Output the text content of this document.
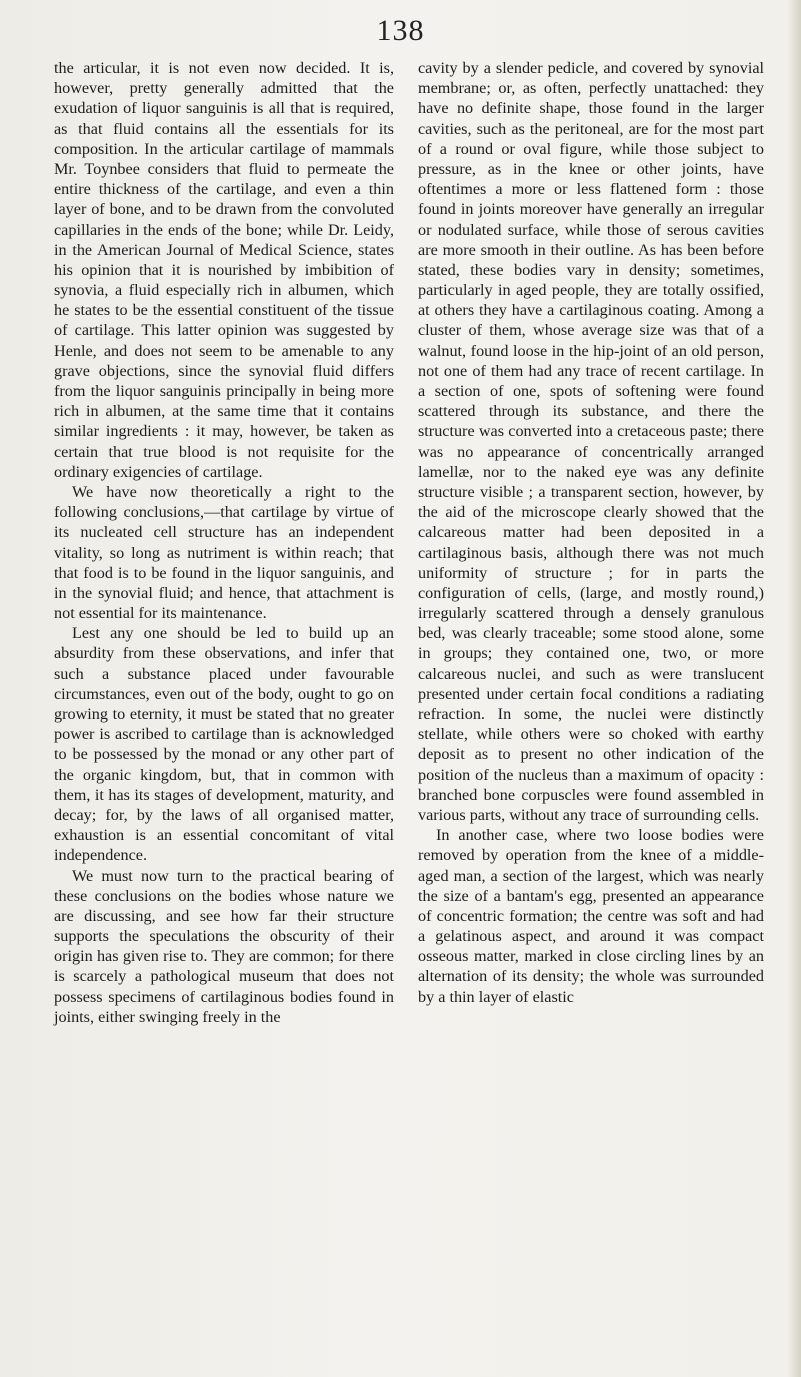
138

the articular, it is not even now decided. It is, however, pretty generally admitted that the exudation of liquor sanguinis is all that is required, as that fluid contains all the essentials for its composition. In the articular cartilage of mammals Mr. Toynbee considers that fluid to permeate the entire thickness of the cartilage, and even a thin layer of bone, and to be drawn from the convoluted capillaries in the ends of the bone; while Dr. Leidy, in the American Journal of Medical Science, states his opinion that it is nourished by imbibition of synovia, a fluid especially rich in albumen, which he states to be the essential constituent of the tissue of cartilage. This latter opinion was suggested by Henle, and does not seem to be amenable to any grave objections, since the synovial fluid differs from the liquor sanguinis principally in being more rich in albumen, at the same time that it contains similar ingredients : it may, however, be taken as certain that true blood is not requisite for the ordinary exigencies of cartilage.

We have now theoretically a right to the following conclusions,—that cartilage by virtue of its nucleated cell structure has an independent vitality, so long as nutriment is within reach; that that food is to be found in the liquor sanguinis, and in the synovial fluid; and hence, that attachment is not essential for its maintenance.

Lest any one should be led to build up an absurdity from these observations, and infer that such a substance placed under favourable circumstances, even out of the body, ought to go on growing to eternity, it must be stated that no greater power is ascribed to cartilage than is acknowledged to be possessed by the monad or any other part of the organic kingdom, but, that in common with them, it has its stages of development, maturity, and decay; for, by the laws of all organised matter, exhaustion is an essential concomitant of vital independence.

We must now turn to the practical bearing of these conclusions on the bodies whose nature we are discussing, and see how far their structure supports the speculations the obscurity of their origin has given rise to. They are common; for there is scarcely a pathological museum that does not possess specimens of cartilaginous bodies found in joints, either swinging freely in the

cavity by a slender pedicle, and covered by synovial membrane; or, as often, perfectly unattached: they have no definite shape, those found in the larger cavities, such as the peritoneal, are for the most part of a round or oval figure, while those subject to pressure, as in the knee or other joints, have oftentimes a more or less flattened form : those found in joints moreover have generally an irregular or nodulated surface, while those of serous cavities are more smooth in their outline. As has been before stated, these bodies vary in density; sometimes, particularly in aged people, they are totally ossified, at others they have a cartilaginous coating. Among a cluster of them, whose average size was that of a walnut, found loose in the hip-joint of an old person, not one of them had any trace of recent cartilage. In a section of one, spots of softening were found scattered through its substance, and there the structure was converted into a cretaceous paste; there was no appearance of concentrically arranged lamellæ, nor to the naked eye was any definite structure visible ; a transparent section, however, by the aid of the microscope clearly showed that the calcareous matter had been deposited in a cartilaginous basis, although there was not much uniformity of structure ; for in parts the configuration of cells, (large, and mostly round,) irregularly scattered through a densely granulous bed, was clearly traceable; some stood alone, some in groups; they contained one, two, or more calcareous nuclei, and such as were translucent presented under certain focal conditions a radiating refraction. In some, the nuclei were distinctly stellate, while others were so choked with earthy deposit as to present no other indication of the position of the nucleus than a maximum of opacity : branched bone corpuscles were found assembled in various parts, without any trace of surrounding cells.

In another case, where two loose bodies were removed by operation from the knee of a middle-aged man, a section of the largest, which was nearly the size of a bantam's egg, presented an appearance of concentric formation; the centre was soft and had a gelatinous aspect, and around it was compact osseous matter, marked in close circling lines by an alternation of its density; the whole was surrounded by a thin layer of elastic
